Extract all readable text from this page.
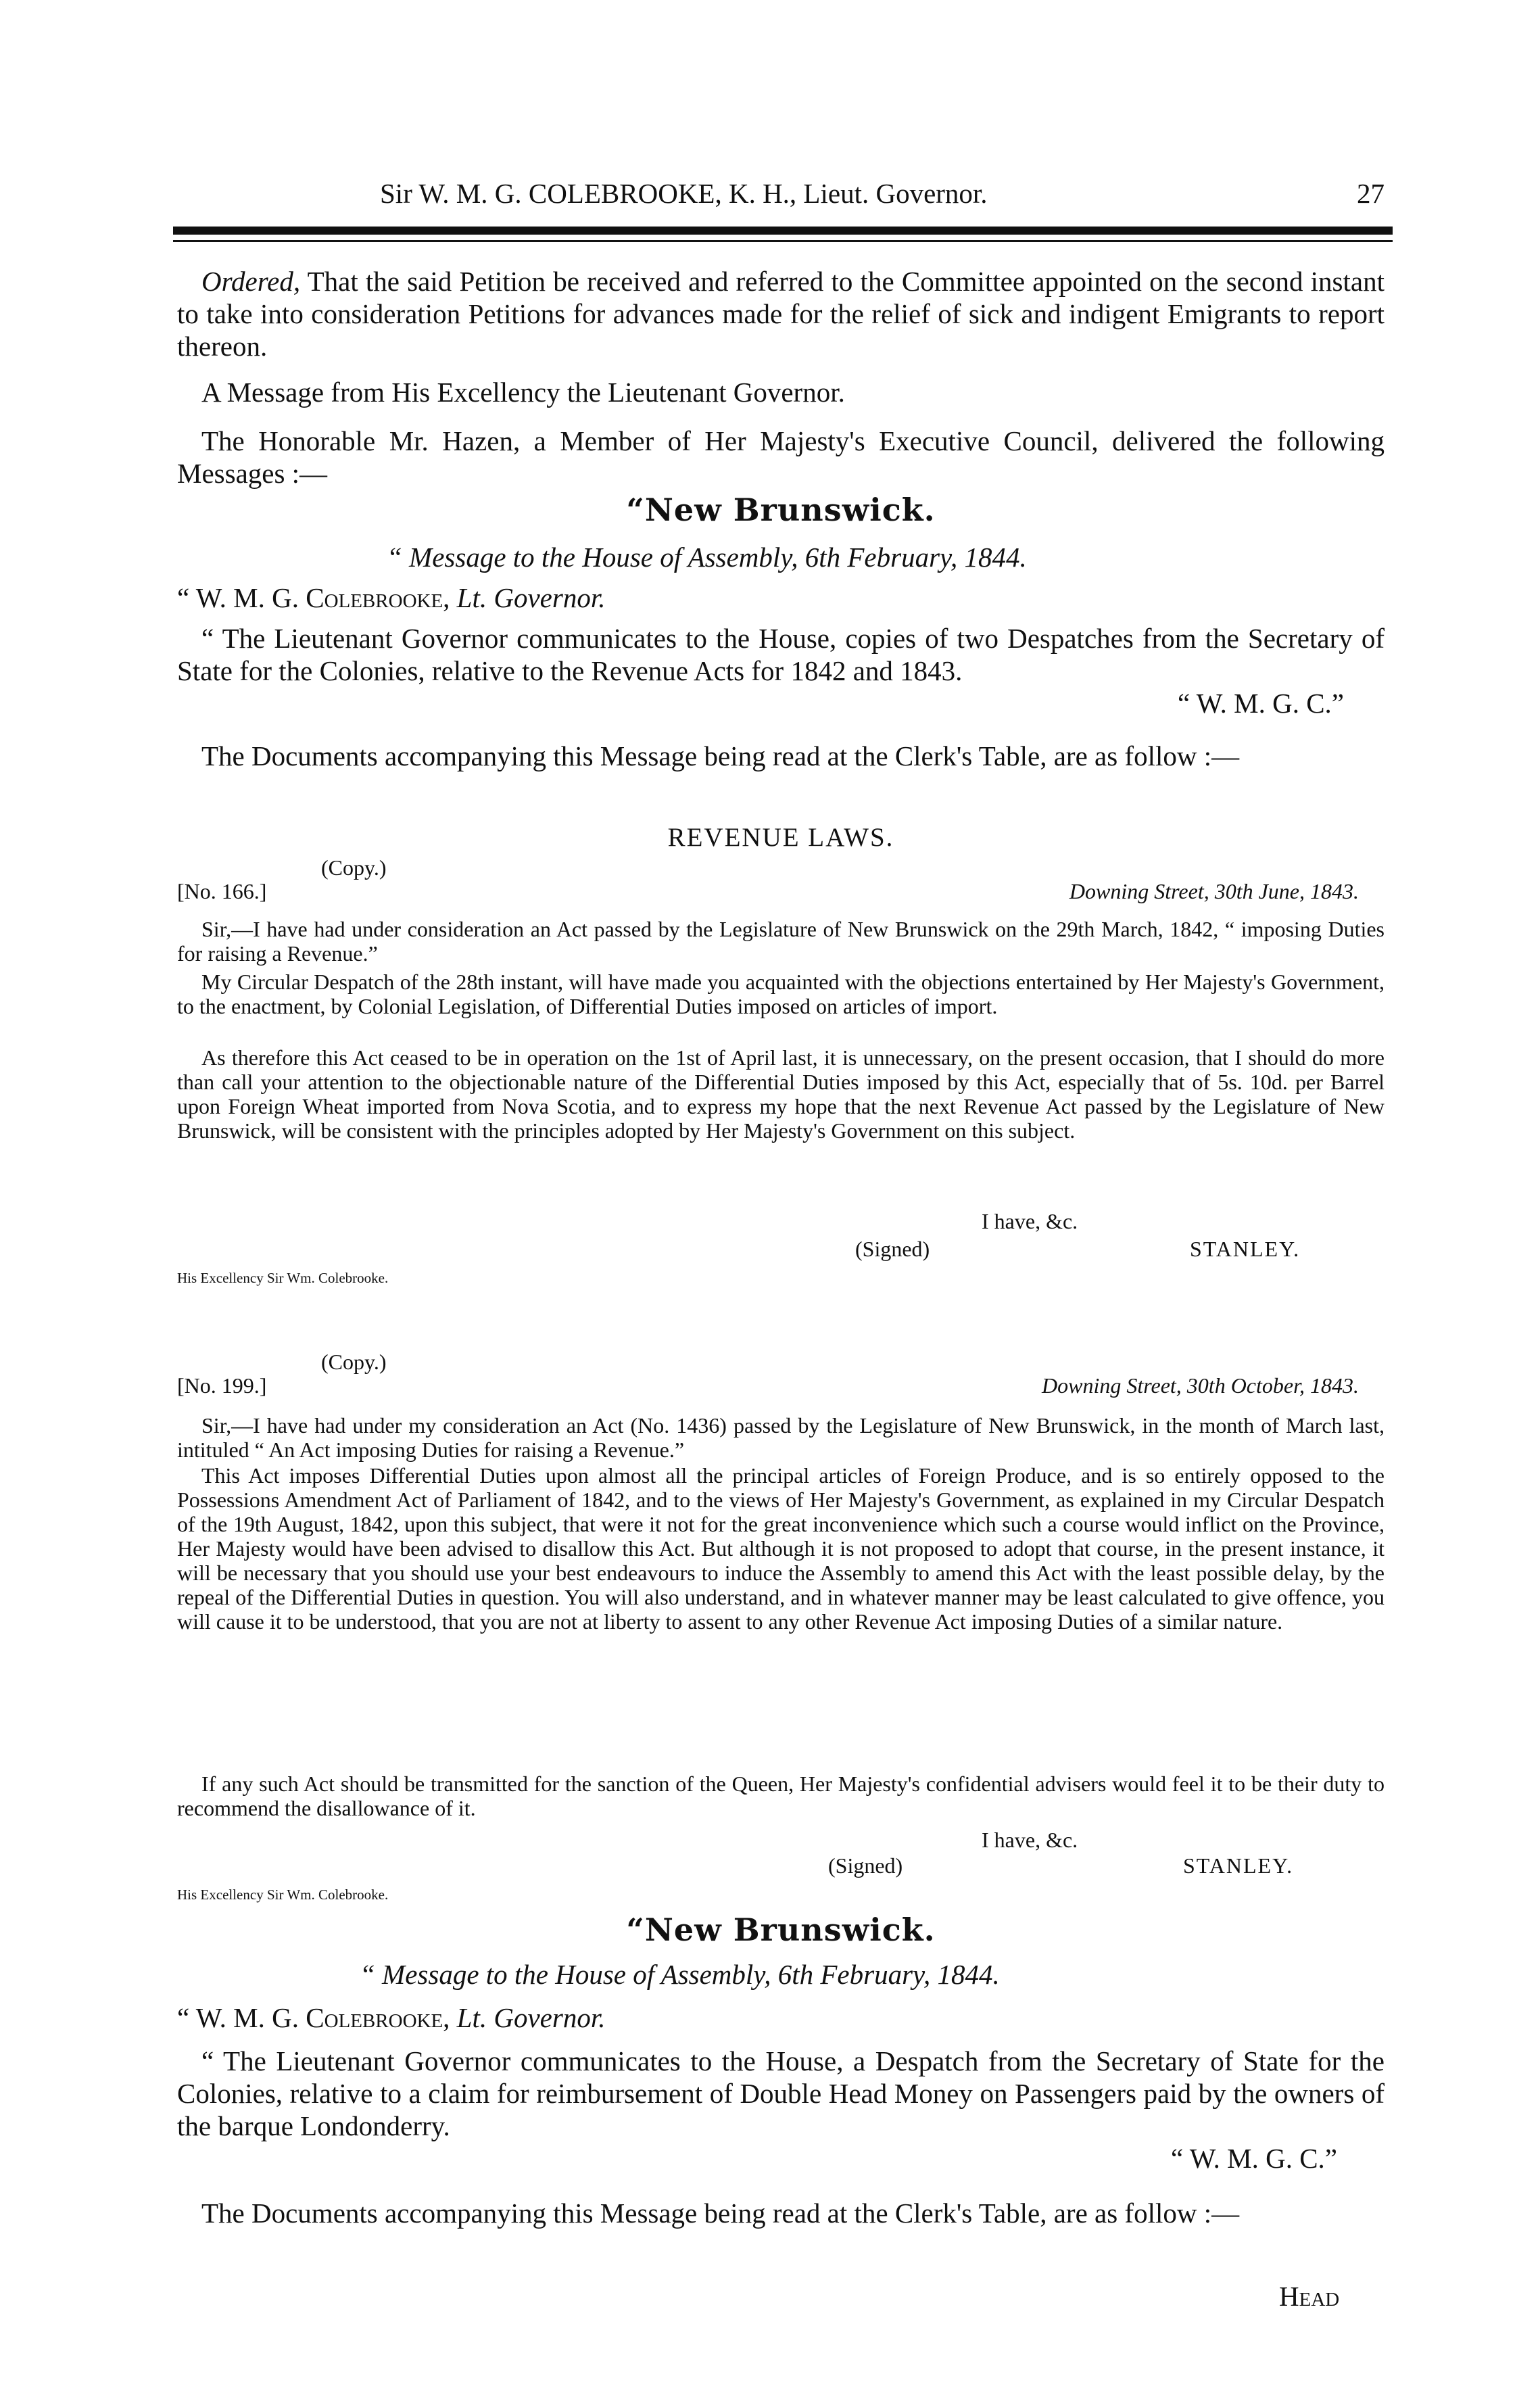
Sir W. M. G. COLEBROOKE, K. H., Lieut. Governor.	27

Ordered, That the said Petition be received and referred to the Committee appointed on the second instant to take into consideration Petitions for advances made for the relief of sick and indigent Emigrants to report thereon.

A Message from His Excellency the Lieutenant Governor.

The Honorable Mr. Hazen, a Member of Her Majesty's Executive Council, delivered the following Messages :—

“New Brunswick.
“ Message to the House of Assembly, 6th February, 1844.
“ W. M. G. Colebrooke, Lt. Governor.

“ The Lieutenant Governor communicates to the House, copies of two Despatches from the Secretary of State for the Colonies, relative to the Revenue Acts for 1842 and 1843.

“ W. M. G. C.”

The Documents accompanying this Message being read at the Clerk's Table, are as follow :—

REVENUE LAWS.
(Copy.)
[No. 166.]	Downing Street, 30th June, 1843.

Sir,—I have had under consideration an Act passed by the Legislature of New Brunswick on the 29th March, 1842, “ imposing Duties for raising a Revenue.”

My Circular Despatch of the 28th instant, will have made you acquainted with the objections entertained by Her Majesty's Government, to the enactment, by Colonial Legislation, of Differential Duties imposed on articles of import.

As therefore this Act ceased to be in operation on the 1st of April last, it is unnecessary, on the present occasion, that I should do more than call your attention to the objectionable nature of the Differential Duties imposed by this Act, especially that of 5s. 10d. per Barrel upon Foreign Wheat imported from Nova Scotia, and to express my hope that the next Revenue Act passed by the Legislature of New Brunswick, will be consistent with the principles adopted by Her Majesty's Government on this subject.

I have, &c.
(Signed)	STANLEY.
His Excellency Sir Wm. Colebrooke.
(Copy.)
[No. 199.]	Downing Street, 30th October, 1843.

Sir,—I have had under my consideration an Act (No. 1436) passed by the Legislature of New Brunswick, in the month of March last, intituled “ An Act imposing Duties for raising a Revenue.”

This Act imposes Differential Duties upon almost all the principal articles of Foreign Produce, and is so entirely opposed to the Possessions Amendment Act of Parliament of 1842, and to the views of Her Majesty's Government, as explained in my Circular Despatch of the 19th August, 1842, upon this subject, that were it not for the great inconvenience which such a course would inflict on the Province, Her Majesty would have been advised to disallow this Act. But although it is not proposed to adopt that course, in the present instance, it will be necessary that you should use your best endeavours to induce the Assembly to amend this Act with the least possible delay, by the repeal of the Differential Duties in question. You will also understand, and in whatever manner may be least calculated to give offence, you will cause it to be understood, that you are not at liberty to assent to any other Revenue Act imposing Duties of a similar nature.

If any such Act should be transmitted for the sanction of the Queen, Her Majesty's confidential advisers would feel it to be their duty to recommend the disallowance of it.

I have, &c.
(Signed)	STANLEY.
His Excellency Sir Wm. Colebrooke.
“New Brunswick.
“ Message to the House of Assembly, 6th February, 1844.
“ W. M. G. Colebrooke, Lt. Governor.

“ The Lieutenant Governor communicates to the House, a Despatch from the Secretary of State for the Colonies, relative to a claim for reimbursement of Double Head Money on Passengers paid by the owners of the barque Londonderry.

“ W. M. G. C.”

The Documents accompanying this Message being read at the Clerk's Table, are as follow :—

Head
